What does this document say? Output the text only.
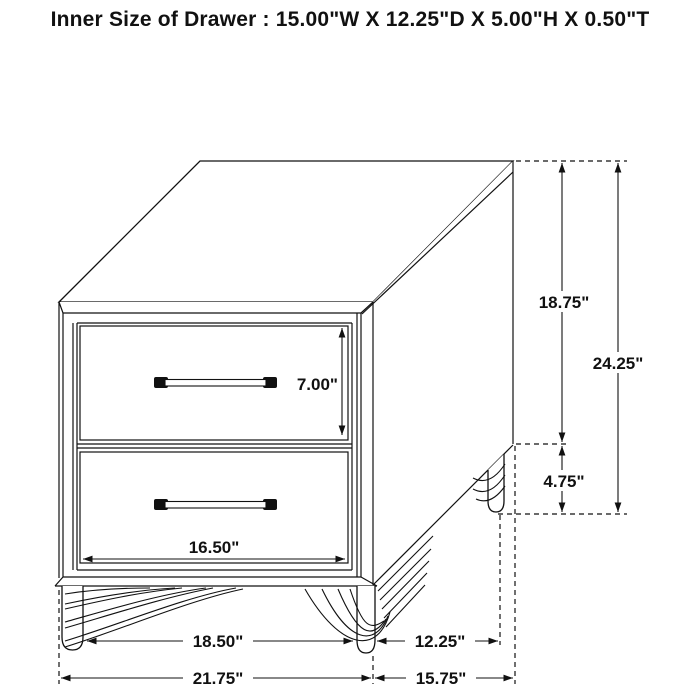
Inner Size of Drawer : 15.00"W X 12.25"D X 5.00"H X 0.50"T
7.00"
16.50"
18.75"
24.25"
4.75"
18.50"	12.25"
21.75"	15.75"
